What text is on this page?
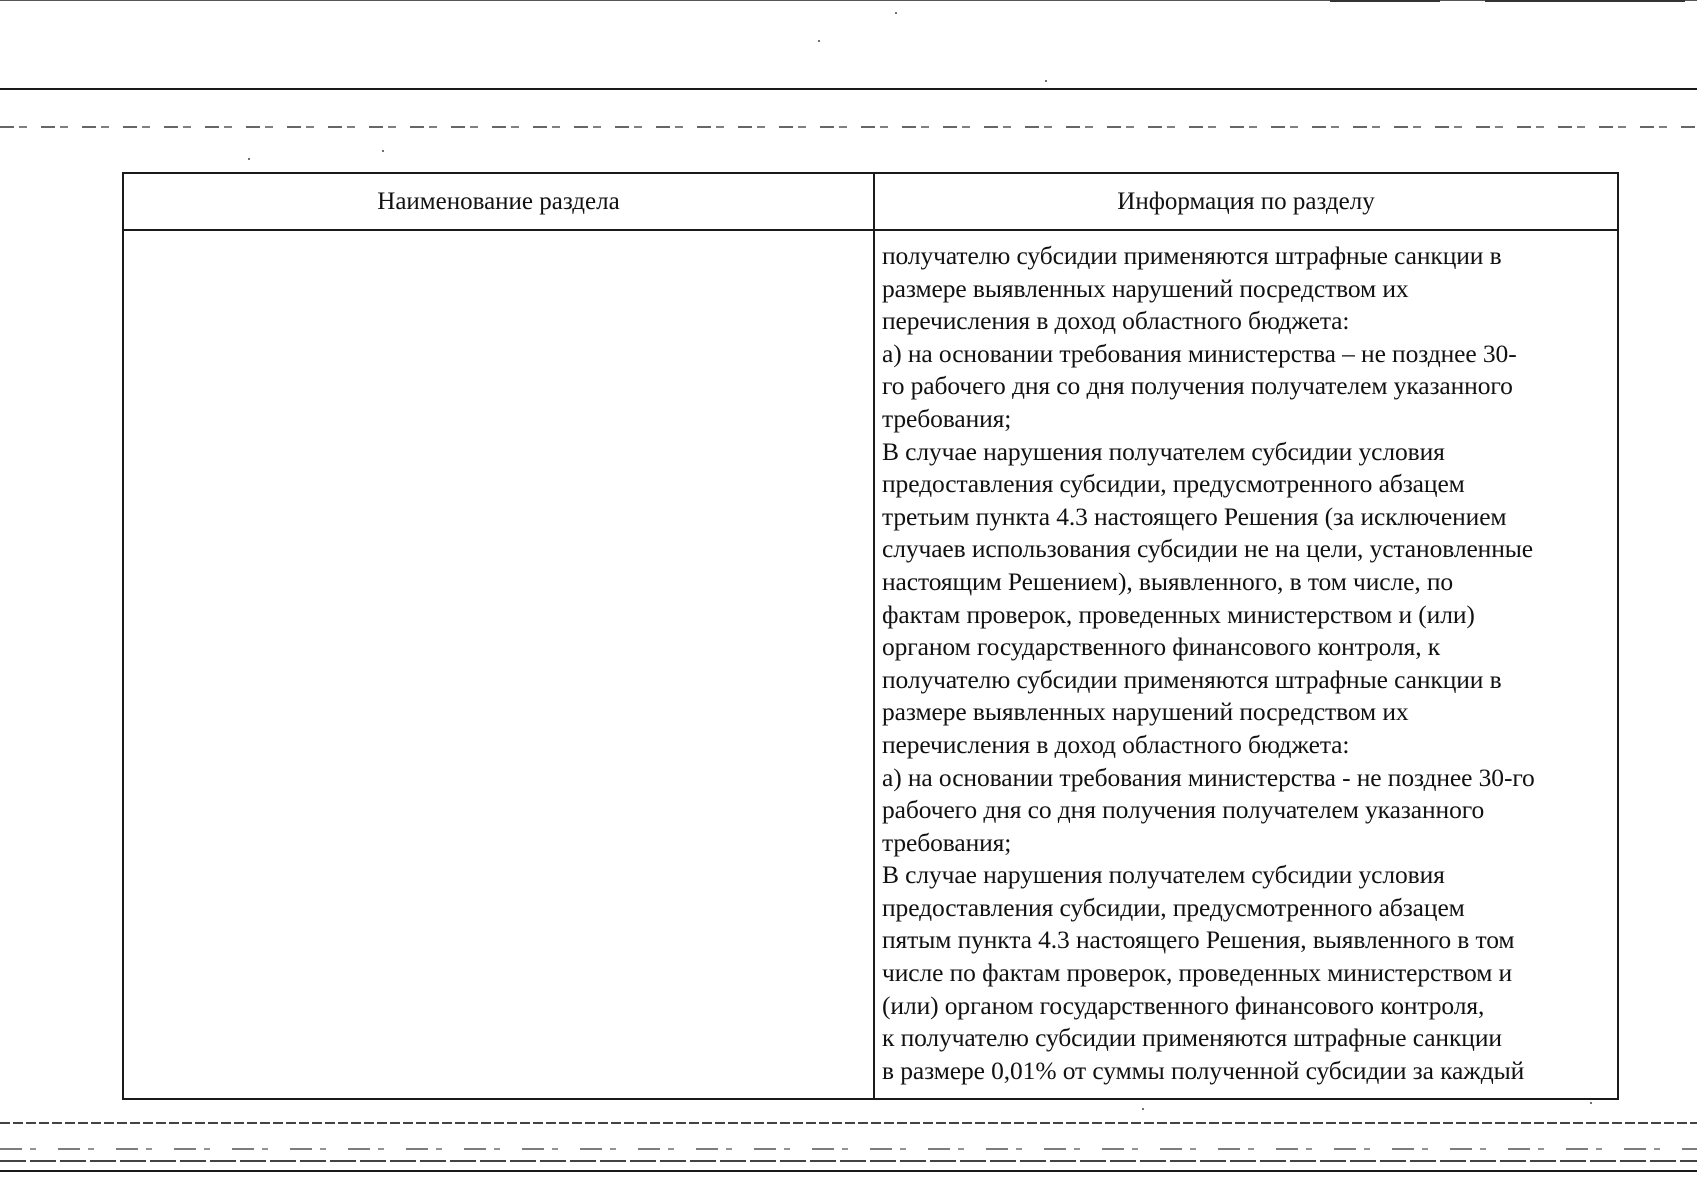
Наименование раздела	Информация по разделу
получателю субсидии применяются штрафные санкции в
размере выявленных нарушений посредством их
перечисления в доход областного бюджета:
а) на основании требования министерства – не позднее 30-
го рабочего дня со дня получения получателем указанного
требования;
В случае нарушения получателем субсидии условия
предоставления субсидии, предусмотренного абзацем
третьим пункта 4.3 настоящего Решения (за исключением
случаев использования субсидии не на цели, установленные
настоящим Решением), выявленного, в том числе, по
фактам проверок, проведенных министерством и (или)
органом государственного финансового контроля, к
получателю субсидии применяются штрафные санкции в
размере выявленных нарушений посредством их
перечисления в доход областного бюджета:
а) на основании требования министерства - не позднее 30-го
рабочего дня со дня получения получателем указанного
требования;
В случае нарушения получателем субсидии условия
предоставления субсидии, предусмотренного абзацем
пятым пункта 4.3 настоящего Решения, выявленного в том
числе по фактам проверок, проведенных министерством и
(или) органом государственного финансового контроля,
к получателю субсидии применяются штрафные санкции
в размере 0,01% от суммы полученной субсидии за каждый
